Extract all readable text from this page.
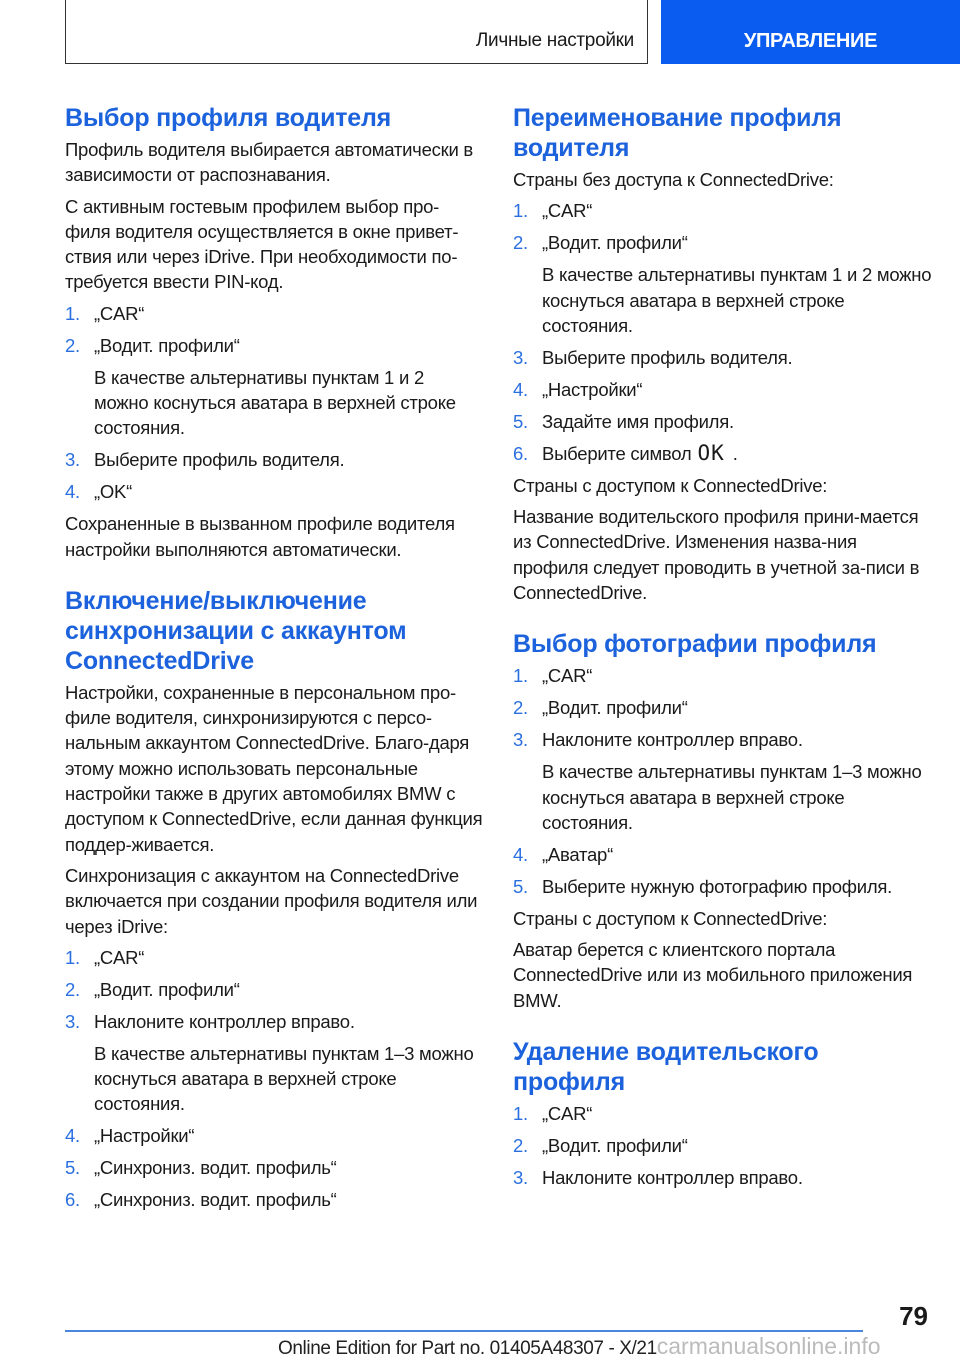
Личные настройки	УПРАВЛЕНИЕ
Выбор профиля водителя

Профиль водителя выбирается автоматически в зависимости от распознавания.

С активным гостевым профилем выбор про-филя водителя осуществляется в окне привет-ствия или через iDrive. При необходимости по-требуется ввести PIN-код.

1. „CAR“
2. „Водит. профили“
В качестве альтернативы пунктам 1 и 2 можно коснуться аватара в верхней строке состояния.
3. Выберите профиль водителя.
4. „OK“

Сохраненные в вызванном профиле водителя настройки выполняются автоматически.

Включение/выключение синхронизации с аккаунтом ConnectedDrive

Настройки, сохраненные в персональном про-филе водителя, синхронизируются с персо-нальным аккаунтом ConnectedDrive. Благо-даря этому можно использовать персональные настройки также в других автомобилях BMW с доступом к ConnectedDrive, если данная функция поддер-живается.

Синхронизация с аккаунтом на ConnectedDrive включается при создании профиля водителя или через iDrive:

1. „CAR“
2. „Водит. профили“
3. Наклоните контроллер вправо.
В качестве альтернативы пунктам 1–3 можно коснуться аватара в верхней строке состояния.
4. „Настройки“
5. „Синхрониз. водит. профиль“
6. „Синхрониз. водит. профиль“
Переименование профиля водителя

Страны без доступа к ConnectedDrive:

1. „CAR“
2. „Водит. профили“
В качестве альтернативы пунктам 1 и 2 можно коснуться аватара в верхней строке состояния.
3. Выберите профиль водителя.
4. „Настройки“
5. Задайте имя профиля.
6. Выберите символ OK .

Страны с доступом к ConnectedDrive:

Название водительского профиля прини-мается из ConnectedDrive. Изменения назва-ния профиля следует проводить в учетной за-писи в ConnectedDrive.

Выбор фотографии профиля
1. „CAR“
2. „Водит. профили“
3. Наклоните контроллер вправо.
В качестве альтернативы пунктам 1–3 можно коснуться аватара в верхней строке состояния.
4. „Аватар“
5. Выберите нужную фотографию профиля.

Страны с доступом к ConnectedDrive:

Аватар берется с клиентского портала ConnectedDrive или из мобильного приложения BMW.

Удаление водительского профиля
1. „CAR“
2. „Водит. профили“
3. Наклоните контроллер вправо.
79
Online Edition for Part no. 01405A48307 - X/21carmanualsonline.info
